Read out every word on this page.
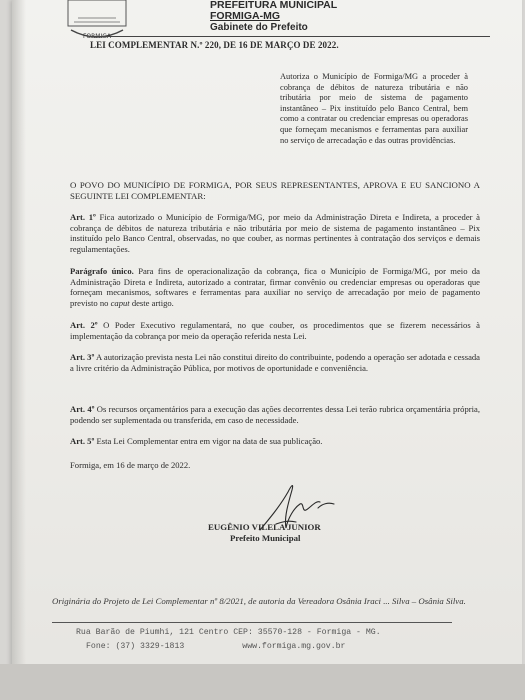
FORMIGA
PREFEITURA MUNICIPAL
FORMIGA-MG
Gabinete do Prefeito
LEI COMPLEMENTAR N.º 220, DE 16 DE MARÇO DE 2022.
Autoriza o Município de Formiga/MG a proceder à cobrança de débitos de natureza tributária e não tributária por meio de sistema de pagamento instantâneo – Pix instituído pelo Banco Central, bem como a contratar ou credenciar empresas ou operadoras que forneçam mecanismos e ferramentas para auxiliar no serviço de arrecadação e das outras providências.
O POVO DO MUNICÍPIO DE FORMIGA, POR SEUS REPRESENTANTES, APROVA E EU SANCIONO A SEGUINTE LEI COMPLEMENTAR:
Art. 1º Fica autorizado o Município de Formiga/MG, por meio da Administração Direta e Indireta, a proceder à cobrança de débitos de natureza tributária e não tributária por meio de sistema de pagamento instantâneo – Pix instituído pelo Banco Central, observadas, no que couber, as normas pertinentes à contratação dos serviços e demais regulamentações.
Parágrafo único. Para fins de operacionalização da cobrança, fica o Município de Formiga/MG, por meio da Administração Direta e Indireta, autorizado a contratar, firmar convênio ou credenciar empresas ou operadoras que forneçam mecanismos, softwares e ferramentas para auxiliar no serviço de arrecadação por meio de pagamento previsto no caput deste artigo.
Art. 2º O Poder Executivo regulamentará, no que couber, os procedimentos que se fizerem necessários à implementação da cobrança por meio da operação referida nesta Lei.
Art. 3º A autorização prevista nesta Lei não constitui direito do contribuinte, podendo a operação ser adotada e cessada a livre critério da Administração Pública, por motivos de oportunidade e conveniência.
Art. 4º Os recursos orçamentários para a execução das ações decorrentes dessa Lei terão rubrica orçamentária própria, podendo ser suplementada ou transferida, em caso de necessidade.
Art. 5º Esta Lei Complementar entra em vigor na data de sua publicação.
Formiga, em 16 de março de 2022.
EUGÊNIO VILELA JUNIOR
Prefeito Municipal
Originária do Projeto de Lei Complementar nº 8/2021, de autoria da Vereadora Osânia Iraci ... Silva – Osânia Silva.
Rua Barão de Piumhi, 121 Centro CEP: 35570-128 - Formiga - MG.
Fone: (37) 3329-1813	www.formiga.mg.gov.br
